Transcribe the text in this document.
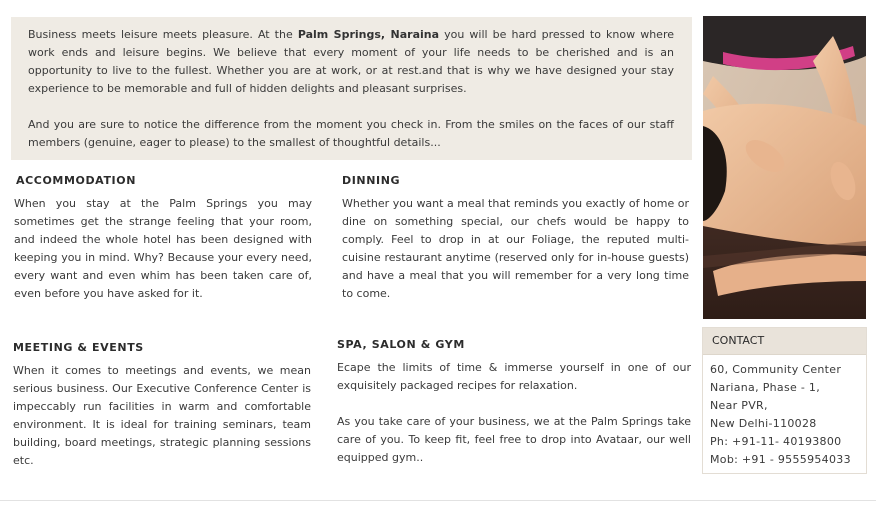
Business meets leisure meets pleasure. At the Palm Springs, Naraina you will be hard pressed to know where work ends and leisure begins. We believe that every moment of your life needs to be cherished and is an opportunity to live to the fullest. Whether you are at work, or at rest.and that is why we have designed your stay experience to be memorable and full of hidden delights and pleasant surprises.

And you are sure to notice the difference from the moment you check in. From the smiles on the faces of our staff members (genuine, eager to please) to the smallest of thoughtful details...

ACCOMMODATION

When you stay at the Palm Springs you may sometimes get the strange feeling that your room, and indeed the whole hotel has been designed with keeping you in mind. Why? Because your every need, every want and even whim has been taken care of, even before you have asked for it.

DINNING

Whether you want a meal that reminds you exactly of home or dine on something special, our chefs would be happy to comply. Feel to drop in at our Foliage, the reputed multi-cuisine restaurant anytime (reserved only for in-house guests) and have a meal that you will remember for a very long time to come.

MEETING & EVENTS

When it comes to meetings and events, we mean serious business. Our Executive Conference Center is impeccably run facilities in warm and comfortable environment. It is ideal for training seminars, team building, board meetings, strategic planning sessions etc.

SPA, SALON & GYM

Ecape the limits of time & immerse yourself in one of our exquisitely packaged recipes for relaxation.

As you take care of your business, we at the Palm Springs take care of you. To keep fit, feel free to drop into Avataar, our well equipped gym..

CONTACT
60, Community Center
Nariana, Phase - 1,
Near PVR,
New Delhi-110028
Ph: +91-11- 40193800
Mob: +91 - 9555954033
